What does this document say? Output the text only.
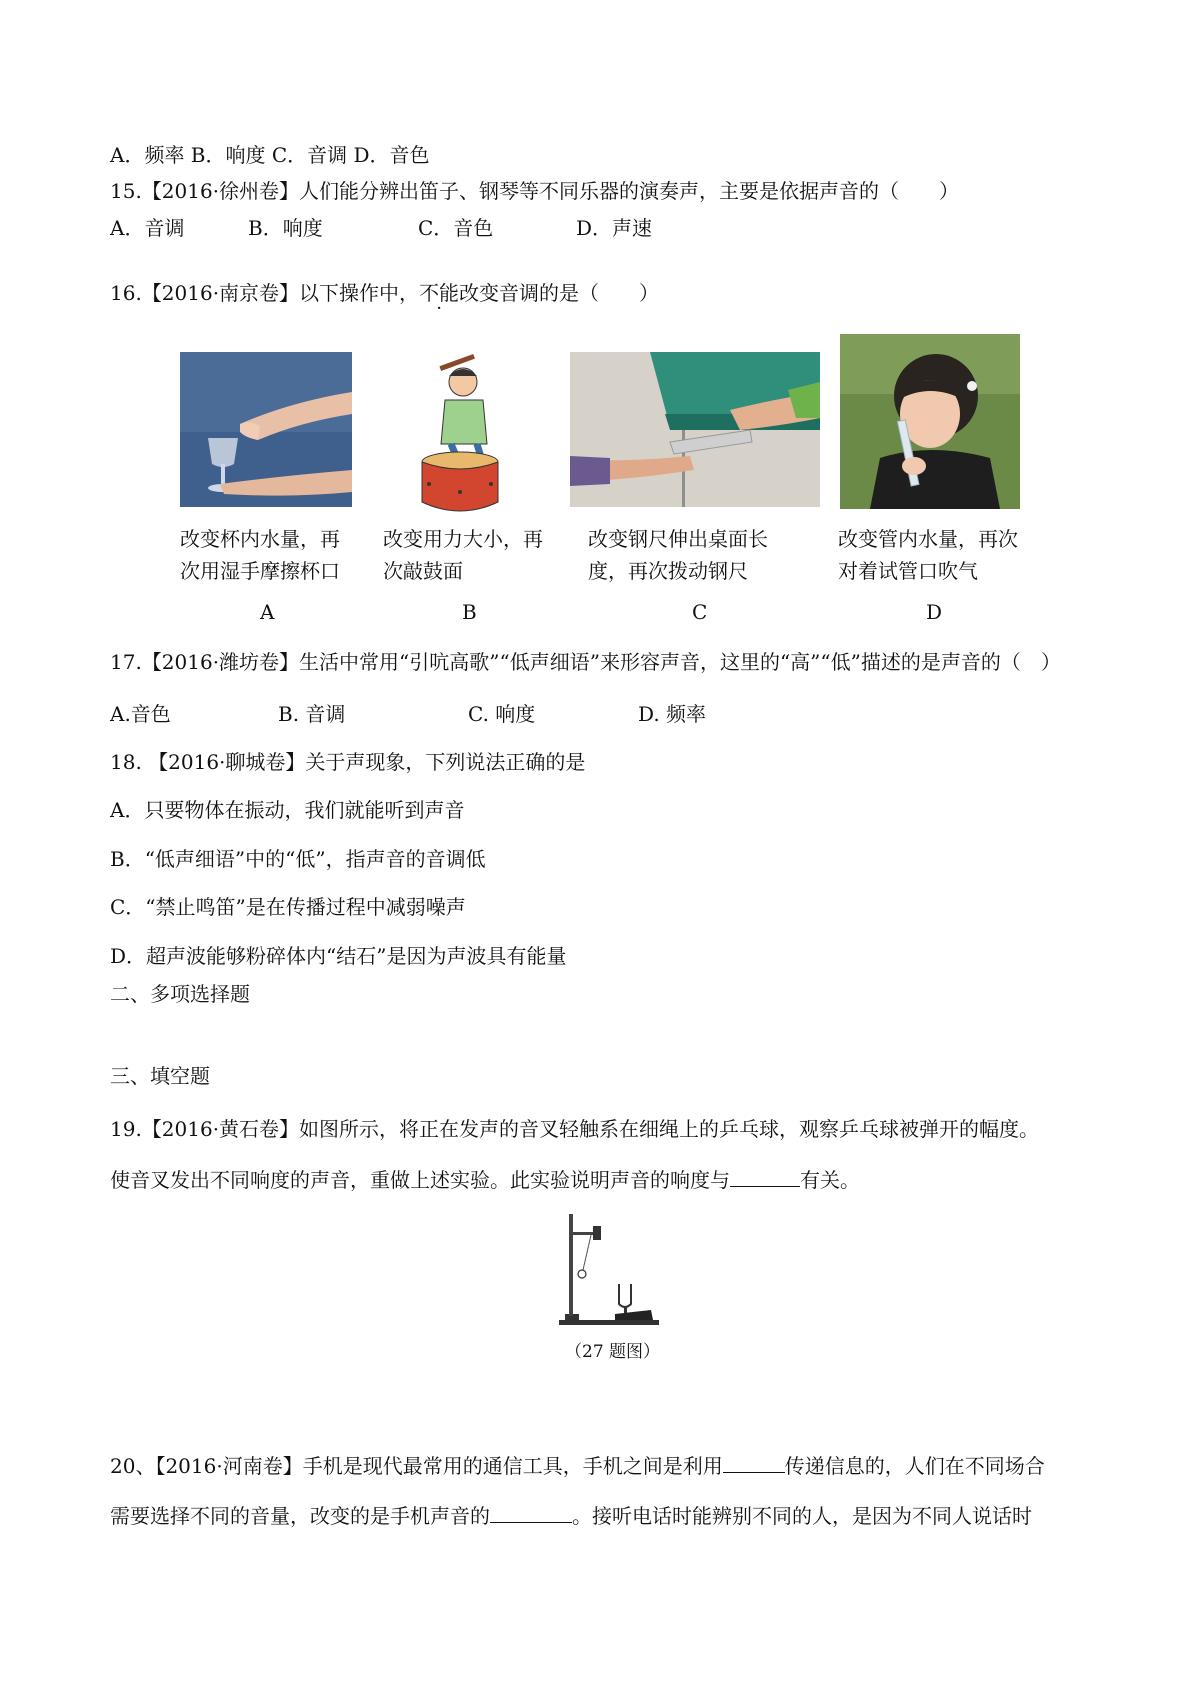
A．频率 B．响度 C．音调 D．音色
15.【2016·徐州卷】人们能分辨出笛子、钢琴等不同乐器的演奏声，主要是依据声音的（　　）
A．音调	B．响度	C．音色	D．声速
16.【2016·南京卷】以下操作中，不能改变音调的是（　　）
改变杯内水量，再
次用湿手摩擦杯口
改变用力大小，再
次敲鼓面
改变钢尺伸出桌面长
度，再次拨动钢尺
改变管内水量，再次
对着试管口吹气
A	B	C	D
17.【2016·潍坊卷】生活中常用“引吭高歌”“低声细语”来形容声音，这里的“高”“低”描述的是声音的（　）
A.音色	B. 音调	C. 响度	D. 频率
18. 【2016·聊城卷】关于声现象，下列说法正确的是
A．只要物体在振动，我们就能听到声音
B．“低声细语”中的“低”，指声音的音调低
C．“禁止鸣笛”是在传播过程中减弱噪声
D．超声波能够粉碎体内“结石”是因为声波具有能量
二、多项选择题
三、填空题
19.【2016·黄石卷】如图所示，将正在发声的音叉轻触系在细绳上的乒乓球，观察乒乓球被弹开的幅度。
使音叉发出不同响度的声音，重做上述实验。此实验说明声音的响度与	有关。
（27 题图）
20、【2016·河南卷】手机是现代最常用的通信工具，手机之间是利用	传递信息的，人们在不同场合
需要选择不同的音量，改变的是手机声音的	。接听电话时能辨别不同的人，是因为不同人说话时
